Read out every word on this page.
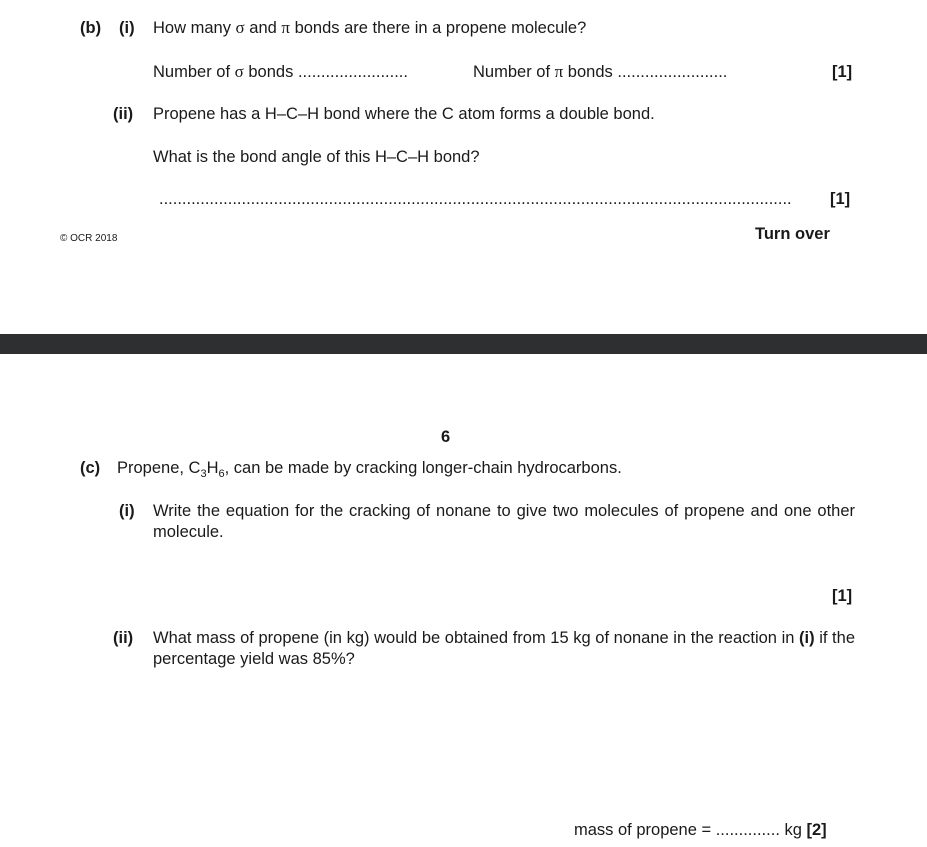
(b) (i) How many σ and π bonds are there in a propene molecule?
Number of σ bonds ........................	Number of π bonds ........................	[1]
(ii) Propene has a H–C–H bond where the C atom forms a double bond.
What is the bond angle of this H–C–H bond?
..........................................................................................................................................	[1]
© OCR 2018	Turn over
6
(c) Propene, $C_3H_6$, can be made by cracking longer-chain hydrocarbons.
(i) Write the equation for the cracking of nonane to give two molecules of propene and one other molecule.
[1]
(ii) What mass of propene (in kg) would be obtained from 15 kg of nonane in the reaction in (i) if the percentage yield was 85%?
mass of propene = .............. kg [2]
